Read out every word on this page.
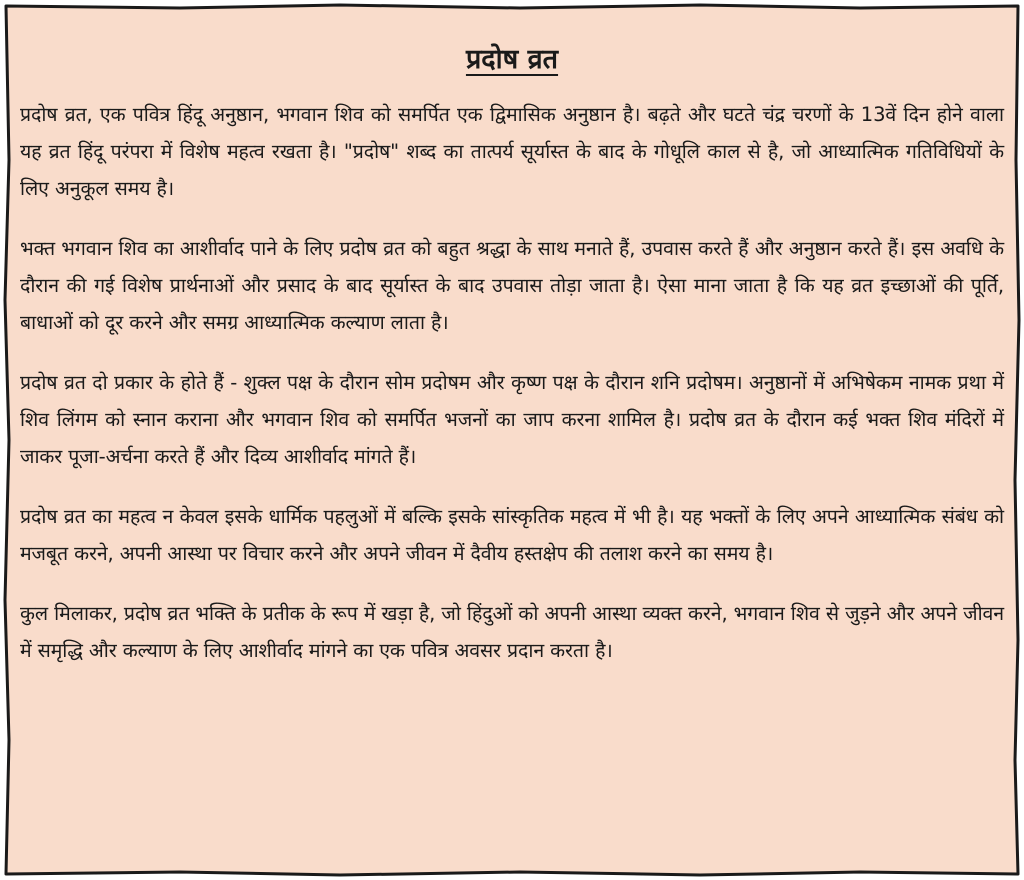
प्रदोष व्रत

प्रदोष व्रत, एक पवित्र हिंदू अनुष्ठान, भगवान शिव को समर्पित एक द्विमासिक अनुष्ठान है। बढ़ते और घटते चंद्र चरणों के 13वें दिन होने वाला यह व्रत हिंदू परंपरा में विशेष महत्व रखता है। "प्रदोष" शब्द का तात्पर्य सूर्यास्त के बाद के गोधूलि काल से है, जो आध्यात्मिक गतिविधियों के लिए अनुकूल समय है।

भक्त भगवान शिव का आशीर्वाद पाने के लिए प्रदोष व्रत को बहुत श्रद्धा के साथ मनाते हैं, उपवास करते हैं और अनुष्ठान करते हैं। इस अवधि के दौरान की गई विशेष प्रार्थनाओं और प्रसाद के बाद सूर्यास्त के बाद उपवास तोड़ा जाता है। ऐसा माना जाता है कि यह व्रत इच्छाओं की पूर्ति, बाधाओं को दूर करने और समग्र आध्यात्मिक कल्याण लाता है।

प्रदोष व्रत दो प्रकार के होते हैं - शुक्ल पक्ष के दौरान सोम प्रदोषम और कृष्ण पक्ष के दौरान शनि प्रदोषम। अनुष्ठानों में अभिषेकम नामक प्रथा में शिव लिंगम को स्नान कराना और भगवान शिव को समर्पित भजनों का जाप करना शामिल है। प्रदोष व्रत के दौरान कई भक्त शिव मंदिरों में जाकर पूजा-अर्चना करते हैं और दिव्य आशीर्वाद मांगते हैं।

प्रदोष व्रत का महत्व न केवल इसके धार्मिक पहलुओं में बल्कि इसके सांस्कृतिक महत्व में भी है। यह भक्तों के लिए अपने आध्यात्मिक संबंध को मजबूत करने, अपनी आस्था पर विचार करने और अपने जीवन में दैवीय हस्तक्षेप की तलाश करने का समय है।

कुल मिलाकर, प्रदोष व्रत भक्ति के प्रतीक के रूप में खड़ा है, जो हिंदुओं को अपनी आस्था व्यक्त करने, भगवान शिव से जुड़ने और अपने जीवन में समृद्धि और कल्याण के लिए आशीर्वाद मांगने का एक पवित्र अवसर प्रदान करता है।
